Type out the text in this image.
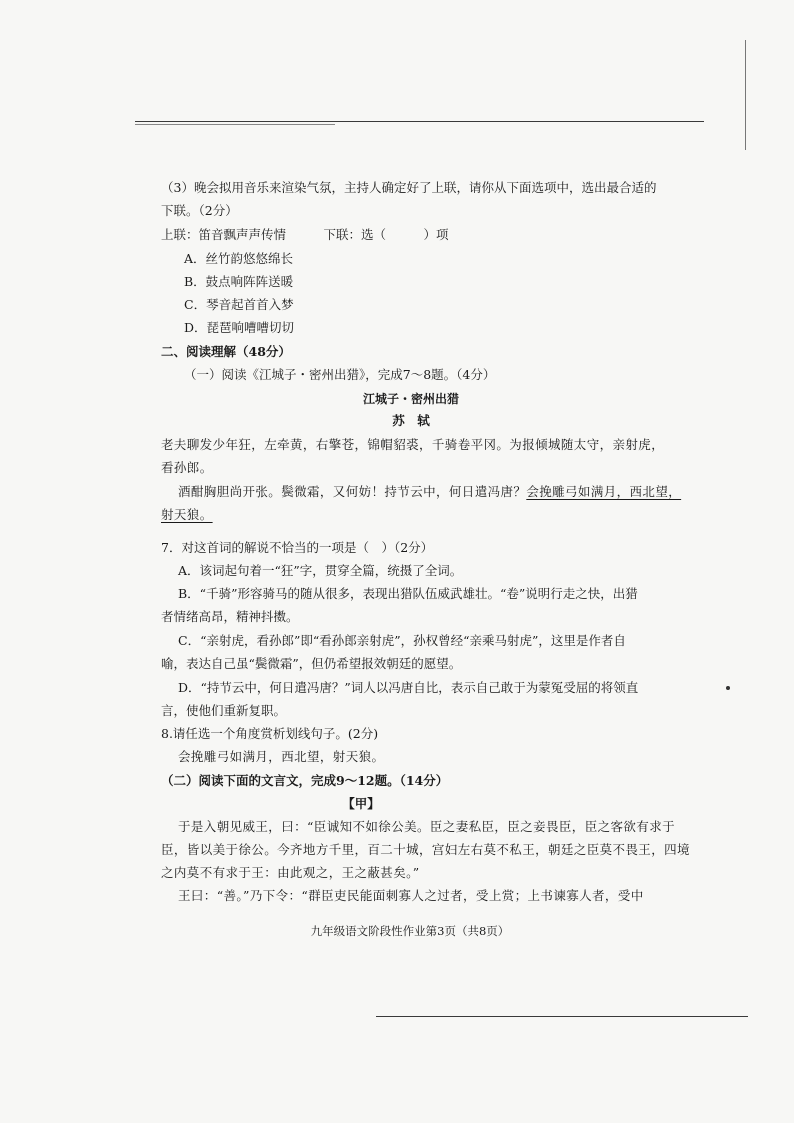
（3）晚会拟用音乐来渲染气氛，主持人确定好了上联，请你从下面选项中，选出最合适的
下联。（2分）
上联：笛音飘声声传情　　　下联：选（　　　）项
A．丝竹韵悠悠绵长
B．鼓点响阵阵送暖
C．琴音起首首入梦
D．琵琶响嘈嘈切切
二、阅读理解（48分）
（一）阅读《江城子・密州出猎》，完成7～8题。（4分）
江城子・密州出猎
苏　轼
老夫聊发少年狂，左牵黄，右擎苍，锦帽貂裘，千骑卷平冈。为报倾城随太守，亲射虎，
看孙郎。
酒酣胸胆尚开张。鬓微霜，又何妨！持节云中，何日遣冯唐？会挽雕弓如满月，西北望，
射天狼。
7．对这首词的解说不恰当的一项是（　）（2分）
A．该词起句着一“狂”字，贯穿全篇，统摄了全词。
B．“千骑”形容骑马的随从很多，表现出猎队伍威武雄壮。“卷”说明行走之快，出猎
者情绪高昂，精神抖擞。
C．“亲射虎，看孙郎”即“看孙郎亲射虎”，孙权曾经“亲乘马射虎”，这里是作者自
喻，表达自己虽“鬓微霜”，但仍希望报效朝廷的愿望。
D．“持节云中，何日遣冯唐？”词人以冯唐自比，表示自己敢于为蒙冤受屈的将领直
言，使他们重新复职。
8.请任选一个角度赏析划线句子。(2分)
会挽雕弓如满月，西北望，射天狼。
（二）阅读下面的文言文，完成9～12题。（14分）
【甲】
于是入朝见威王，曰：“臣诚知不如徐公美。臣之妻私臣，臣之妾畏臣，臣之客欲有求于
臣，皆以美于徐公。今齐地方千里，百二十城，宫妇左右莫不私王，朝廷之臣莫不畏王，四境
之内莫不有求于王：由此观之，王之蔽甚矣。”
王曰：“善。”乃下令：“群臣吏民能面刺寡人之过者，受上赏；上书谏寡人者，受中
九年级语文阶段性作业第3页（共8页）
